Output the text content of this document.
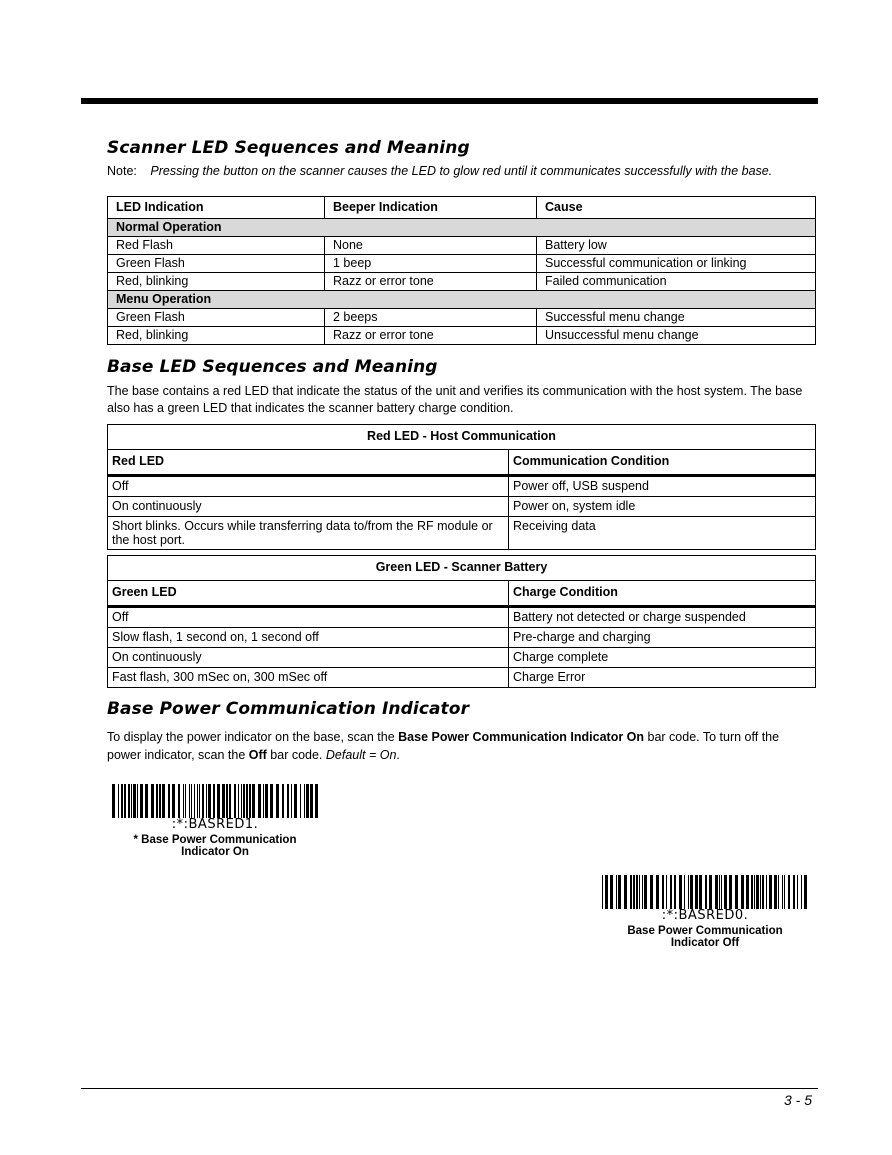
Scanner LED Sequences and Meaning
Note: Pressing the button on the scanner causes the LED to glow red until it communicates successfully with the base.
LED Indication	Beeper Indication	Cause
Normal Operation		
Red Flash	None	Battery low
Green Flash	1 beep	Successful communication or linking
Red, blinking	Razz or error tone	Failed communication
Menu Operation		
Green Flash	2 beeps	Successful menu change
Red, blinking	Razz or error tone	Unsuccessful menu change
Base LED Sequences and Meaning

The base contains a red LED that indicate the status of the unit and verifies its communication with the host system. The base also has a green LED that indicates the scanner battery charge condition.

Red LED - Host Communication	
Red LED	Communication Condition
Off	Power off, USB suspend
On continuously	Power on, system idle
Short blinks. Occurs while transferring data to/from the RF module or the host port.	Receiving data
Green LED - Scanner Battery	
Green LED	Charge Condition
Off	Battery not detected or charge suspended
Slow flash, 1 second on, 1 second off	Pre-charge and charging
On continuously	Charge complete
Fast flash, 300 mSec on, 300 mSec off	Charge Error
Base Power Communication Indicator

To display the power indicator on the base, scan the Base Power Communication Indicator On bar code. To turn off the power indicator, scan the Off bar code. Default = On.

:*:BASRED1.
* Base Power Communication
Indicator On
:*:BASRED0.
Base Power Communication
Indicator Off
3 - 5
